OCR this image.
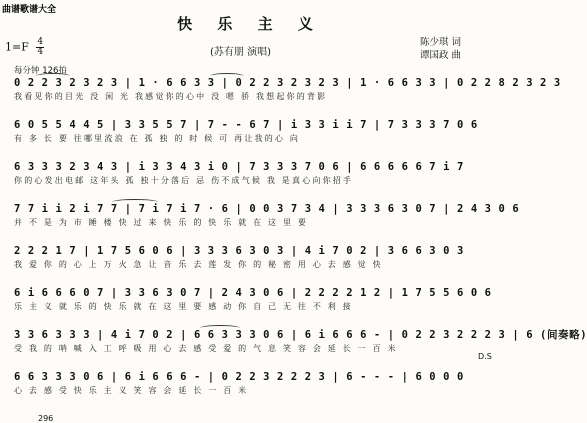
曲谱歌谱大全
快 乐 主 义
$1=F \frac{4}{4}$	(苏有朋 演唱)
陈少琪 词
谭国政 曲
每分钟 126拍
0 2 2 3 2 3 2 3 | 1 · 6 6 3 3 | 0 2 2 3 2 3 2 3 | 1 · 6 6 3 3 | 0 2 2 8 2 3 2 3
我看见你的目光 没 闲 光 我感觉你的心中 没 嗯 骄 我想起你的背影
6 0 5 5 4 4 5 | 3 3 5 5 7 | 7 - - 6 7 | i 3 3 i i 7 | 7 3 3 3 7 0 6
有 多 长 要 往哪里流浪 在 孤 独 的 时 候 可 再让我的心 向
6 3 3 3 2 3 4 3 | i 3 3 4 3 i 0 | 7 3 3 3 7 0 6 | 6 6 6 6 6 7 i 7
你的心发出电邮 这年头 孤 独十分落后 忌 伤不成气候 我 是真心向你招手
7 7 i i 2 i 7 7 | 7 i 7 i 7 · 6 | 0 0 3 7 3 4 | 3 3 3 6 3 0 7 | 2 4 3 0 6
并 不 是 为 市 睡 楼 快 过 来 快 乐 的 快 乐 就 在 这 里 要
2 2 2 1 7 | 1 7 5 6 0 6 | 3 3 3 6 3 0 3 | 4 i 7 0 2 | 3 6 6 3 0 3
我 爱 你 的 心 上 万 火 急 让 音 乐 去 莲 发 你 的 秘 密 用 心 去 感 觉 快
6 i 6 6 6 0 7 | 3 3 6 3 0 7 | 2 4 3 0 6 | 2 2 2 2 1 2 | 1 7 5 5 6 0 6
乐 主 义 就 乐 的 快 乐 就 在 这 里 要 感 动 你 自 己 无 往 不 利 接
3 3 6 3 3 3 | 4 i 7 0 2 | 6 6 3 3 3 0 6 | 6 i 6 6 6 - | 0 2 2 3 2 2 2 3 | 6 (间奏略)
受 我 的 呐 喊 入 工 呼 吸 用 心 去 感 受 爱 的 气 息 笑 容 会 延 长 一 百 米
6 6 3 3 3 0 6 | 6 i 6 6 6 - | 0 2 2 3 2 2 2 3 | 6 - - - | 6 0 0 0
心 去 感 受 快 乐 主 义 笑 容 会 延 长 一 百 米
D.S
296
